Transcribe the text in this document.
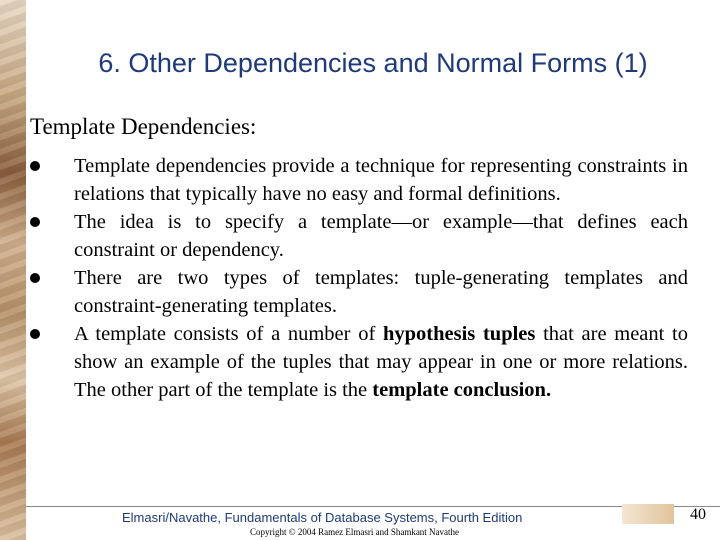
6. Other Dependencies and Normal Forms (1)
Template Dependencies:
Template dependencies provide a technique for representing constraints in relations that typically have no easy and formal definitions.
The idea is to specify a template—or example—that defines each constraint or dependency.
There are two types of templates: tuple-generating templates and constraint-generating templates.
A template consists of a number of hypothesis tuples that are meant to show an example of the tuples that may appear in one or more relations. The other part of the template is the template conclusion.
Elmasri/Navathe, Fundamentals of Database Systems, Fourth Edition
Copyright © 2004 Ramez Elmasri and Shamkant Navathe
40
